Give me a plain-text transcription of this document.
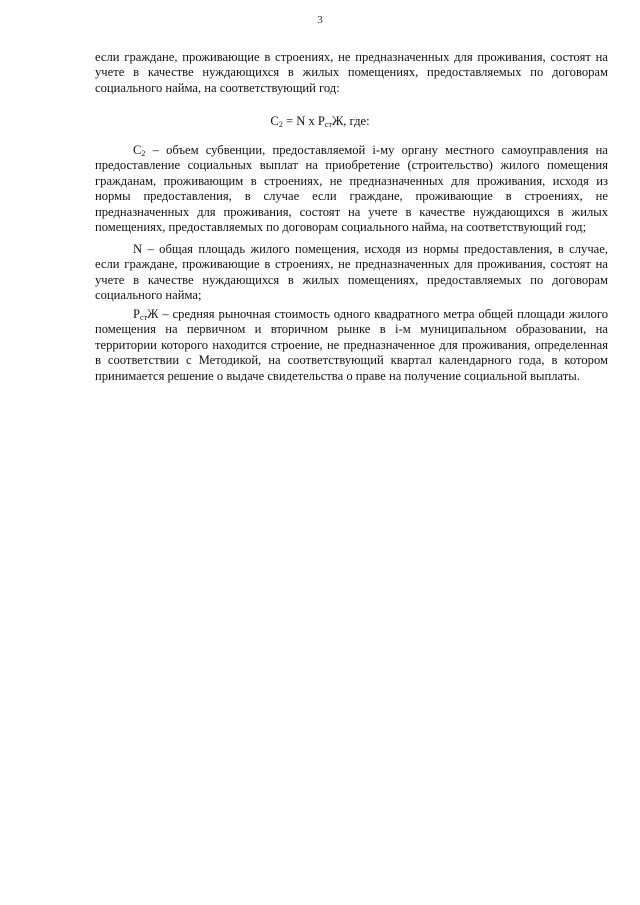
3

если граждане, проживающие в строениях, не предназначенных для проживания, состоят на учете в качестве нуждающихся в жилых помещениях, предоставляемых по договорам социального найма, на соответствующий год:

$С_2 = N$ x $Р_{ст}Ж$, где:

$С_2$ – объем субвенции, предоставляемой i-му органу местного самоуправления на предоставление социальных выплат на приобретение (строительство) жилого помещения гражданам, проживающим в строениях, не предназначенных для проживания, исходя из нормы предоставления, в случае если граждане, проживающие в строениях, не предназначенных для проживания, состоят на учете в качестве нуждающихся в жилых помещениях, предоставляемых по договорам социального найма, на соответствующий год;

N – общая площадь жилого помещения, исходя из нормы предоставления, в случае, если граждане, проживающие в строениях, не предназначенных для проживания, состоят на учете в качестве нуждающихся в жилых помещениях, предоставляемых по договорам социального найма;

$Р_{ст}Ж$ – средняя рыночная стоимость одного квадратного метра общей площади жилого помещения на первичном и вторичном рынке в i-м муниципальном образовании, на территории которого находится строение, не предназначенное для проживания, определенная в соответствии с Методикой, на соответствующий квартал календарного года, в котором принимается решение о выдаче свидетельства о праве на получение социальной выплаты.
